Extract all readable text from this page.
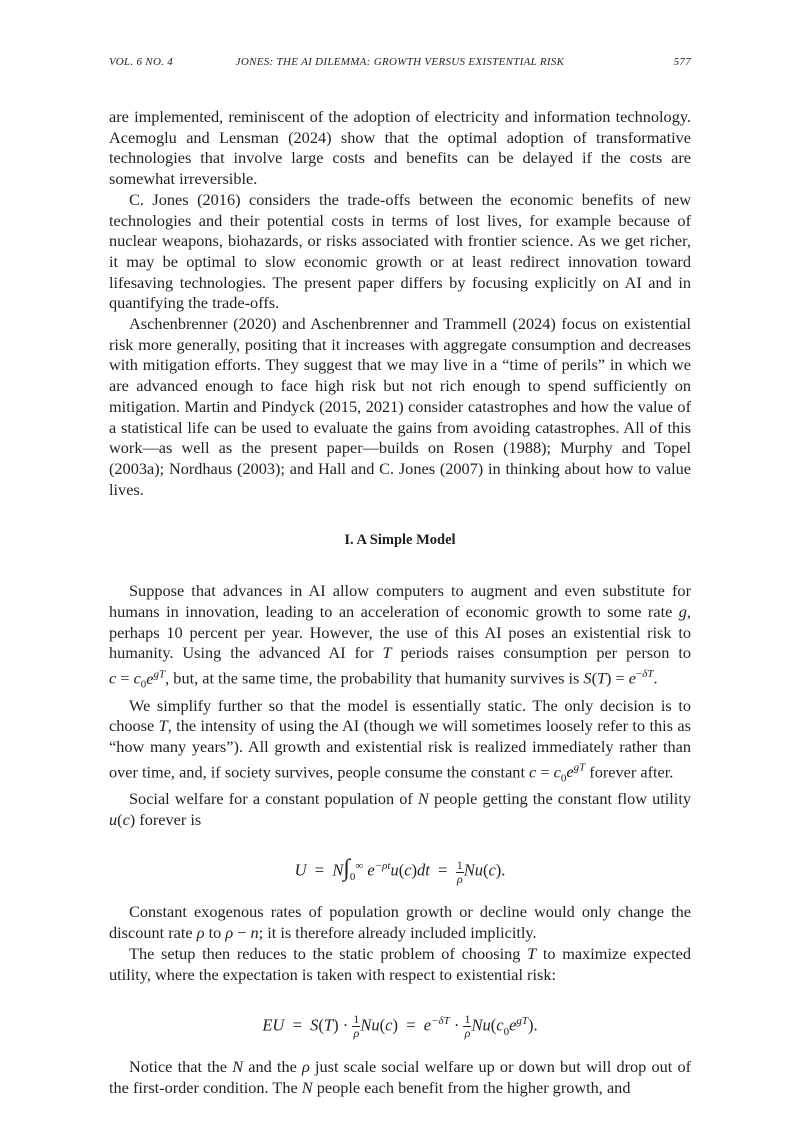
VOL. 6 NO. 4	JONES: THE AI DILEMMA: GROWTH VERSUS EXISTENTIAL RISK	577

are implemented, reminiscent of the adoption of electricity and information technology. Acemoglu and Lensman (2024) show that the optimal adoption of transformative technologies that involve large costs and benefits can be delayed if the costs are somewhat irreversible.

C. Jones (2016) considers the trade-offs between the economic benefits of new technologies and their potential costs in terms of lost lives, for example because of nuclear weapons, biohazards, or risks associated with frontier science. As we get richer, it may be optimal to slow economic growth or at least redirect innovation toward lifesaving technologies. The present paper differs by focusing explicitly on AI and in quantifying the trade-offs.

Aschenbrenner (2020) and Aschenbrenner and Trammell (2024) focus on existential risk more generally, positing that it increases with aggregate consumption and decreases with mitigation efforts. They suggest that we may live in a “time of perils” in which we are advanced enough to face high risk but not rich enough to spend sufficiently on mitigation. Martin and Pindyck (2015, 2021) consider catastrophes and how the value of a statistical life can be used to evaluate the gains from avoiding catastrophes. All of this work—as well as the present paper—builds on Rosen (1988); Murphy and Topel (2003a); Nordhaus (2003); and Hall and C. Jones (2007) in thinking about how to value lives.

I. A Simple Model

Suppose that advances in AI allow computers to augment and even substitute for humans in innovation, leading to an acceleration of economic growth to some rate g, perhaps 10 percent per year. However, the use of this AI poses an existential risk to humanity. Using the advanced AI for T periods raises consumption per person to $c = c_0e^{gT}$, but, at the same time, the probability that humanity survives is $S(T) = e^{-\delta T}$.

We simplify further so that the model is essentially static. The only decision is to choose T, the intensity of using the AI (though we will sometimes loosely refer to this as “how many years”). All growth and existential risk is realized immediately rather than over time, and, if society survives, people consume the constant $c = c_0e^{gT}$ forever after.

Social welfare for a constant population of N people getting the constant flow utility u(c) forever is

$U = N\int_0^\infty$ $e^{-\rho t}u(c)dt = \frac{1}{\rho} Nu(c)$.

Constant exogenous rates of population growth or decline would only change the discount rate ρ to ρ − n; it is therefore already included implicitly.

The setup then reduces to the static problem of choosing T to maximize expected utility, where the expectation is taken with respect to existential risk:

EU  =  $S(T) \cdot \frac{1}{\rho} Nu(c) = e^{-\delta T} \cdot \frac{1}{\rho} Nu(c_0e^{gT})$.

Notice that the N and the ρ just scale social welfare up or down but will drop out of the first-order condition. The N people each benefit from the higher growth, and
